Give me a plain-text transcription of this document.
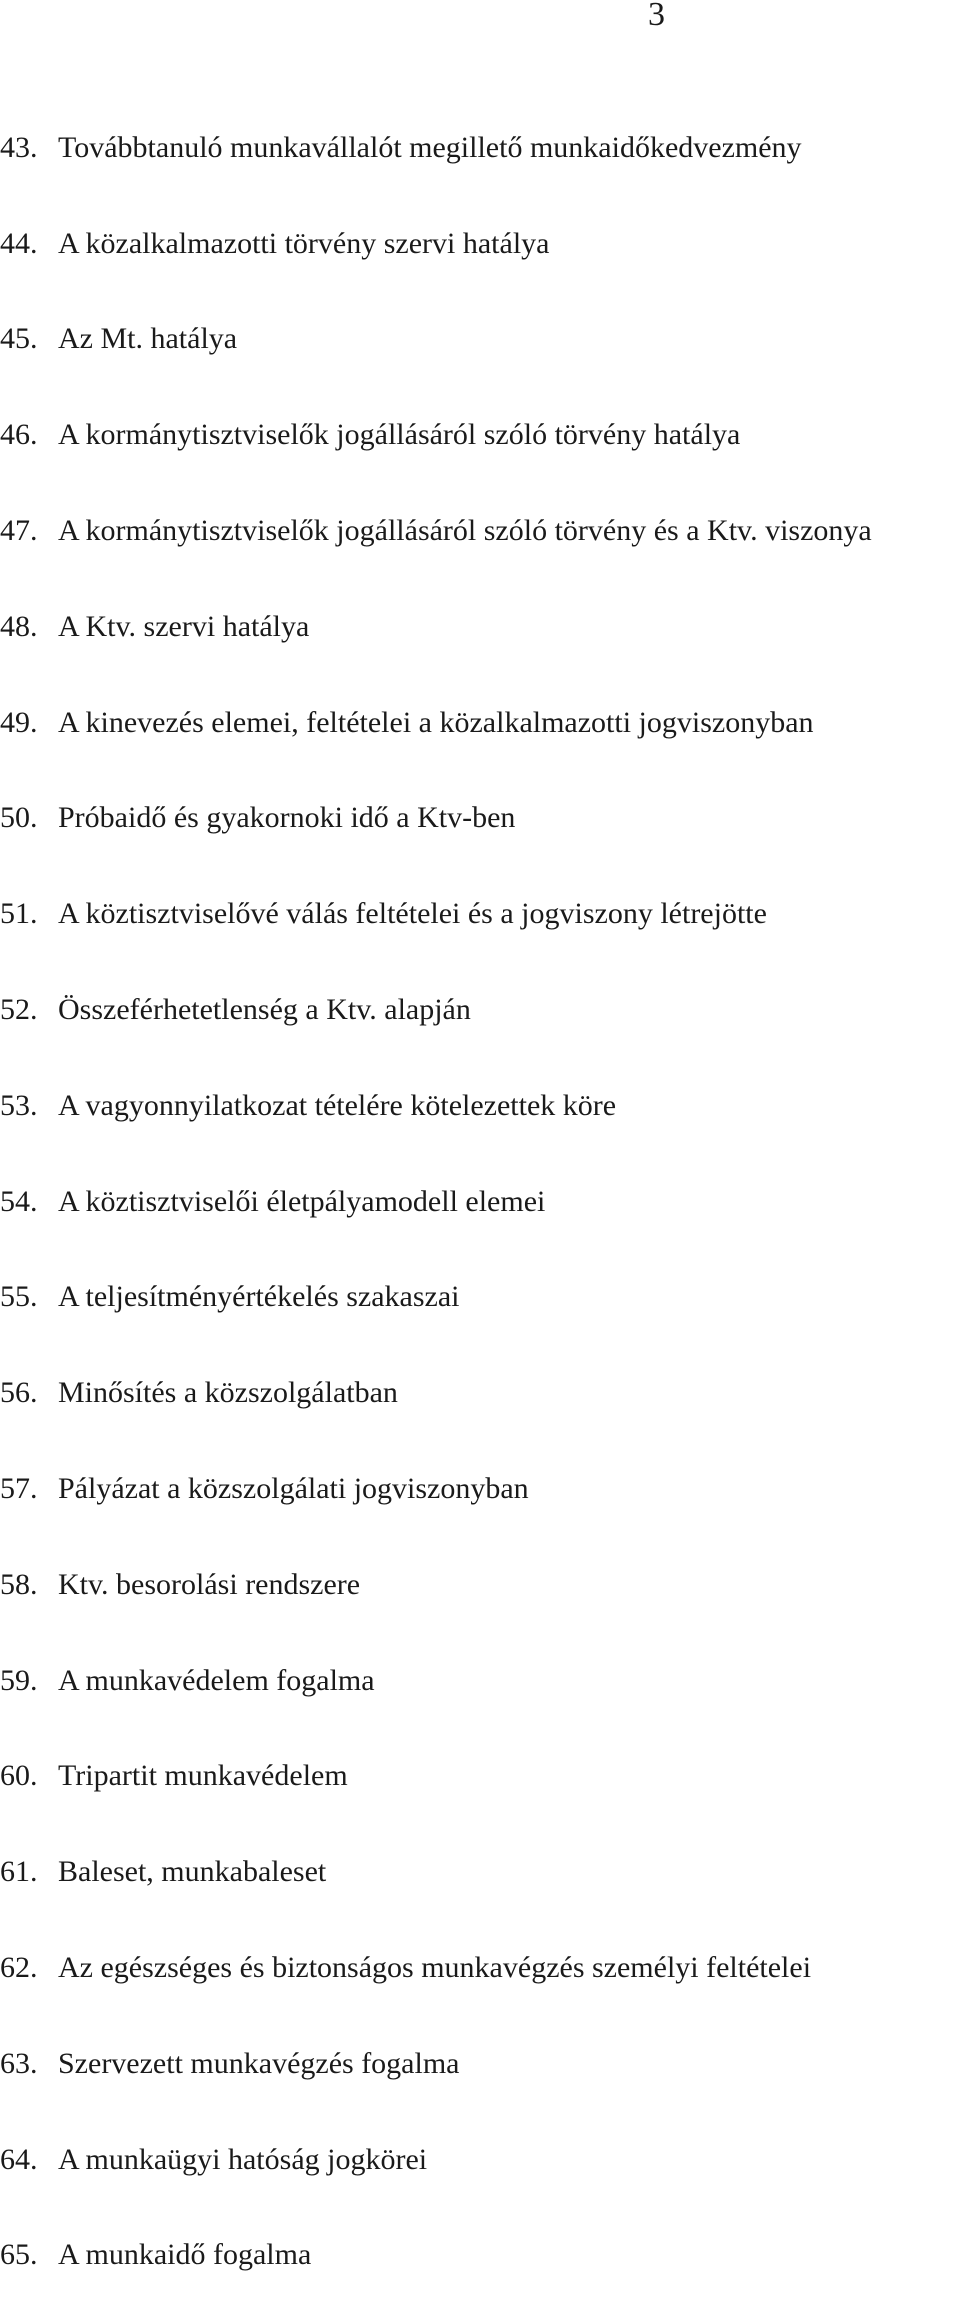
3
43. Továbbtanuló munkavállalót megillető munkaidőkedvezmény
44. A közalkalmazotti törvény szervi hatálya
45. Az Mt. hatálya
46. A kormánytisztviselők jogállásáról szóló törvény hatálya
47. A kormánytisztviselők jogállásáról szóló törvény és a Ktv. viszonya
48. A Ktv. szervi hatálya
49. A kinevezés elemei, feltételei a közalkalmazotti jogviszonyban
50. Próbaidő és gyakornoki idő a Ktv-ben
51. A köztisztviselővé válás feltételei és a jogviszony létrejötte
52. Összeférhetetlenség a Ktv. alapján
53. A vagyonnyilatkozat tételére kötelezettek köre
54. A köztisztviselői életpályamodell elemei
55. A teljesítményértékelés szakaszai
56. Minősítés a közszolgálatban
57. Pályázat a közszolgálati jogviszonyban
58. Ktv. besorolási rendszere
59. A munkavédelem fogalma
60. Tripartit munkavédelem
61. Baleset, munkabaleset
62. Az egészséges és biztonságos munkavégzés személyi feltételei
63. Szervezett munkavégzés fogalma
64. A munkaügyi hatóság jogkörei
65. A munkaidő fogalma
